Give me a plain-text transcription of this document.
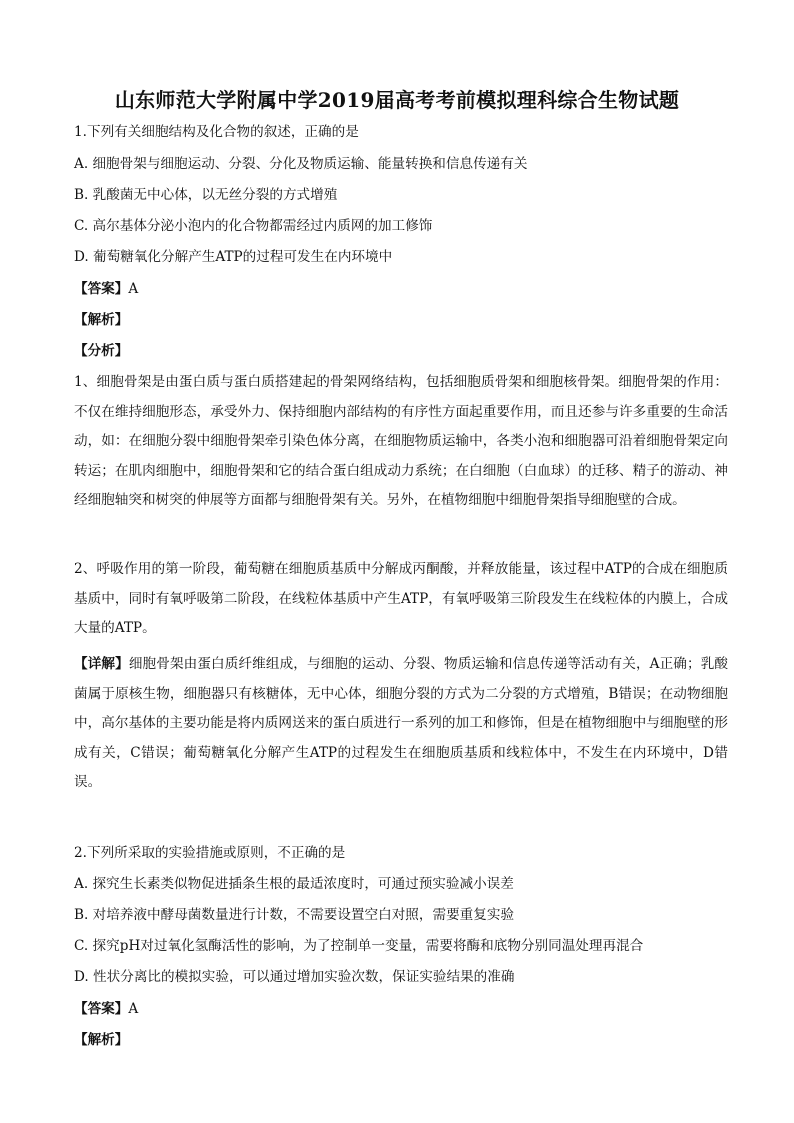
山东师范大学附属中学2019届高考考前模拟理科综合生物试题
1.下列有关细胞结构及化合物的叙述，正确的是
A. 细胞骨架与细胞运动、分裂、分化及物质运输、能量转换和信息传递有关
B. 乳酸菌无中心体，以无丝分裂的方式增殖
C. 高尔基体分泌小泡内的化合物都需经过内质网的加工修饰
D. 葡萄糖氧化分解产生ATP的过程可发生在内环境中
【答案】A
【解析】
【分析】
1、细胞骨架是由蛋白质与蛋白质搭建起的骨架网络结构，包括细胞质骨架和细胞核骨架。细胞骨架的作用：不仅在维持细胞形态，承受外力、保持细胞内部结构的有序性方面起重要作用，而且还参与许多重要的生命活动，如：在细胞分裂中细胞骨架牵引染色体分离，在细胞物质运输中，各类小泡和细胞器可沿着细胞骨架定向转运；在肌肉细胞中，细胞骨架和它的结合蛋白组成动力系统；在白细胞（白血球）的迁移、精子的游动、神经细胞轴突和树突的伸展等方面都与细胞骨架有关。另外，在植物细胞中细胞骨架指导细胞壁的合成。
2、呼吸作用的第一阶段，葡萄糖在细胞质基质中分解成丙酮酸，并释放能量，该过程中ATP的合成在细胞质基质中，同时有氧呼吸第二阶段，在线粒体基质中产生ATP，有氧呼吸第三阶段发生在线粒体的内膜上，合成大量的ATP。
【详解】细胞骨架由蛋白质纤维组成，与细胞的运动、分裂、物质运输和信息传递等活动有关，A正确；乳酸菌属于原核生物，细胞器只有核糖体，无中心体，细胞分裂的方式为二分裂的方式增殖，B错误；在动物细胞中，高尔基体的主要功能是将内质网送来的蛋白质进行一系列的加工和修饰，但是在植物细胞中与细胞壁的形成有关，C错误；葡萄糖氧化分解产生ATP的过程发生在细胞质基质和线粒体中，不发生在内环境中，D错误。
2.下列所采取的实验措施或原则，不正确的是
A. 探究生长素类似物促进插条生根的最适浓度时，可通过预实验减小误差
B. 对培养液中酵母菌数量进行计数，不需要设置空白对照，需要重复实验
C. 探究pH对过氧化氢酶活性的影响，为了控制单一变量，需要将酶和底物分别同温处理再混合
D. 性状分离比的模拟实验，可以通过增加实验次数，保证实验结果的准确
【答案】A
【解析】
